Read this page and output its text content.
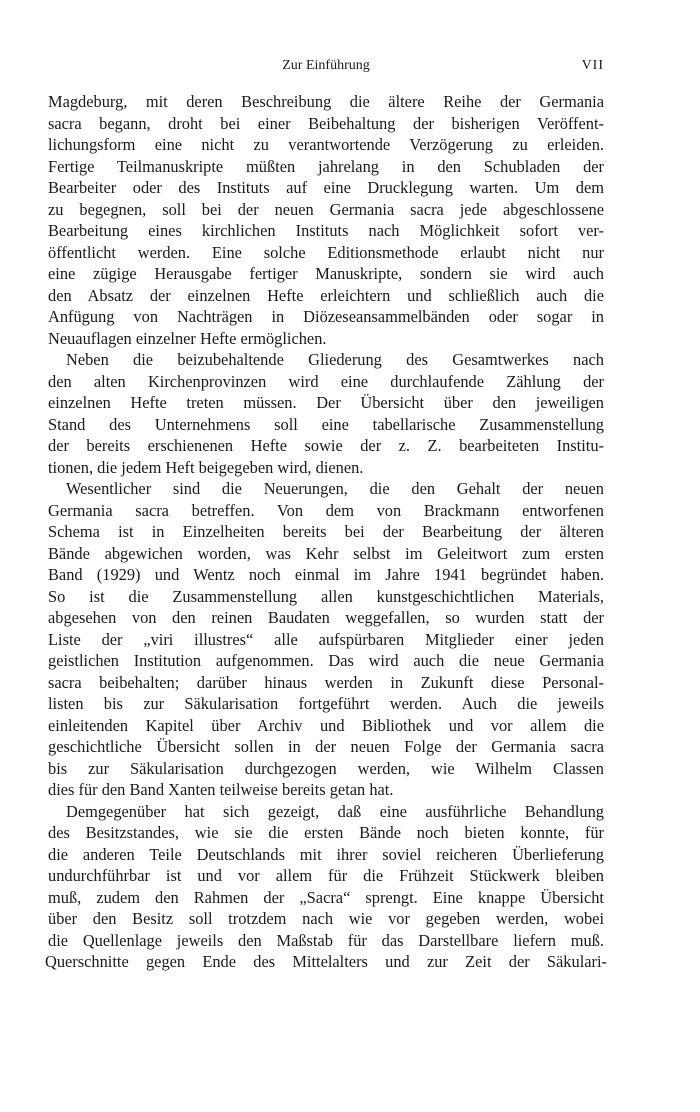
Zur Einführung	VII
Magdeburg, mit deren Beschreibung die ältere Reihe der Germania
sacra begann, droht bei einer Beibehaltung der bisherigen Veröffent-
lichungsform eine nicht zu verantwortende Verzögerung zu erleiden.
Fertige Teilmanuskripte müßten jahrelang in den Schubladen der
Bearbeiter oder des Instituts auf eine Drucklegung warten. Um dem
zu begegnen, soll bei der neuen Germania sacra jede abgeschlossene
Bearbeitung eines kirchlichen Instituts nach Möglichkeit sofort ver-
öffentlicht werden. Eine solche Editionsmethode erlaubt nicht nur
eine zügige Herausgabe fertiger Manuskripte, sondern sie wird auch
den Absatz der einzelnen Hefte erleichtern und schließlich auch die
Anfügung von Nachträgen in Diözeseansammelbänden oder sogar in
Neuauflagen einzelner Hefte ermöglichen.
Neben die beizubehaltende Gliederung des Gesamtwerkes nach
den alten Kirchenprovinzen wird eine durchlaufende Zählung der
einzelnen Hefte treten müssen. Der Übersicht über den jeweiligen
Stand des Unternehmens soll eine tabellarische Zusammenstellung
der bereits erschienenen Hefte sowie der z. Z. bearbeiteten Institu-
tionen, die jedem Heft beigegeben wird, dienen.
Wesentlicher sind die Neuerungen, die den Gehalt der neuen
Germania sacra betreffen. Von dem von Brackmann entworfenen
Schema ist in Einzelheiten bereits bei der Bearbeitung der älteren
Bände abgewichen worden, was Kehr selbst im Geleitwort zum ersten
Band (1929) und Wentz noch einmal im Jahre 1941 begründet haben.
So ist die Zusammenstellung allen kunstgeschichtlichen Materials,
abgesehen von den reinen Baudaten weggefallen, so wurden statt der
Liste der „viri illustres“ alle aufspürbaren Mitglieder einer jeden
geistlichen Institution aufgenommen. Das wird auch die neue Germania
sacra beibehalten; darüber hinaus werden in Zukunft diese Personal-
listen bis zur Säkularisation fortgeführt werden. Auch die jeweils
einleitenden Kapitel über Archiv und Bibliothek und vor allem die
geschichtliche Übersicht sollen in der neuen Folge der Germania sacra
bis zur Säkularisation durchgezogen werden, wie Wilhelm Classen
dies für den Band Xanten teilweise bereits getan hat.
Demgegenüber hat sich gezeigt, daß eine ausführliche Behandlung
des Besitzstandes, wie sie die ersten Bände noch bieten konnte, für
die anderen Teile Deutschlands mit ihrer soviel reicheren Überlieferung
undurchführbar ist und vor allem für die Frühzeit Stückwerk bleiben
muß, zudem den Rahmen der „Sacra“ sprengt. Eine knappe Übersicht
über den Besitz soll trotzdem nach wie vor gegeben werden, wobei
die Quellenlage jeweils den Maßstab für das Darstellbare liefern muß.
Querschnitte gegen Ende des Mittelalters und zur Zeit der Säkulari-
